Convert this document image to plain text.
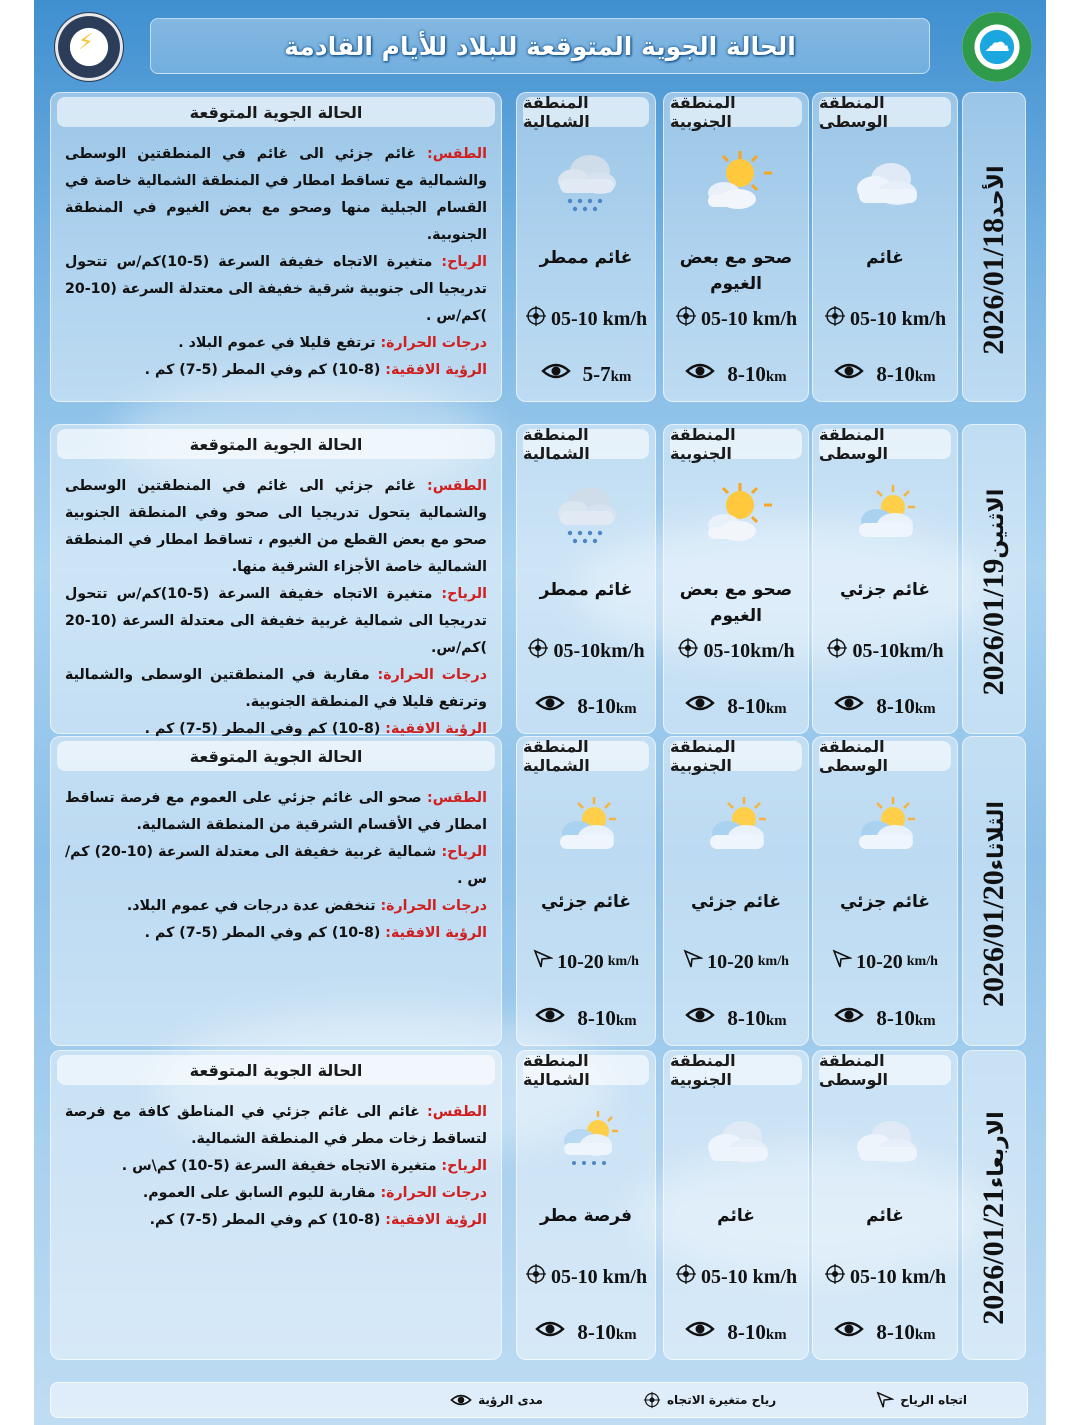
⚡
☁
الحالة الجوية المتوقعة للبلاد للأيام القادمة
الحالة الجوية المتوقعة

الطقس: غائم جزئي الى غائم في المنطقتين الوسطى والشمالية مع تساقط امطار في المنطقة الشمالية خاصة في القسام الجبلية منها وصحو مع بعض الغيوم في المنطقة الجنوبية.

الرياح: متغيرة الاتجاه خفيفة السرعة (5-10)كم/س تتحول تدريجيا الى جنوبية شرقية خفيفة الى معتدلة السرعة (10-20 )كم/س .

درجات الحرارة: ترتفع قليلا في عموم البلاد .

الرؤية الافقية: (8-10) كم وفي المطر (5-7) كم .

المنطقة الشمالية
غائم ممطر
05-10 km/h
5-7km
المنطقة الجنوبية
صحو مع بعض الغيوم
05-10 km/h
8-10km
المنطقة الوسطى
غائم
05-10 km/h
8-10km
2026/01/18الأحد
الحالة الجوية المتوقعة

الطقس: غائم جزئي الى غائم في المنطقتين الوسطى والشمالية يتحول تدريجيا الى صحو وفي المنطقة الجنوبية صحو مع بعض القطع من الغيوم ، تساقط امطار في المنطقة الشمالية خاصة الأجزاء الشرقية منها.

الرياح: متغيرة الاتجاه خفيفة السرعة (5-10)كم/س تتحول تدريجيا الى شمالية غربية خفيفة الى معتدلة السرعة (10-20 )كم/س.

درجات الحرارة: مقاربة في المنطقتين الوسطى والشمالية وترتفع قليلا في المنطقة الجنوبية.

الرؤية الافقية: (8-10) كم وفي المطر (5-7) كم .

المنطقة الشمالية
غائم ممطر
05-10km/h
8-10km
المنطقة الجنوبية
صحو مع بعض الغيوم
05-10km/h
8-10km
المنطقة الوسطى
غائم جزئي
05-10km/h
8-10km
2026/01/19الاثنين
الحالة الجوية المتوقعة

الطقس: صحو الى غائم جزئي على العموم مع فرصة تساقط امطار في الأقسام الشرقية من المنطقة الشمالية.

الرياح: شمالية غربية خفيفة الى معتدلة السرعة (10-20) كم/س .

درجات الحرارة: تنخفض عدة درجات في عموم البلاد.

الرؤية الافقية: (8-10) كم وفي المطر (5-7) كم .

المنطقة الشمالية
غائم جزئي
10-20 km/h
8-10km
المنطقة الجنوبية
غائم جزئي
10-20 km/h
8-10km
المنطقة الوسطى
غائم جزئي
10-20 km/h
8-10km
2026/01/20الثلاثاء
الحالة الجوية المتوقعة

الطقس: غائم الى غائم جزئي في المناطق كافة مع فرصة لتساقط زخات مطر في المنطقة الشمالية.

الرياح: متغيرة الاتجاه خفيفة السرعة (5-10) كم\س .

درجات الحرارة: مقاربة لليوم السابق على العموم.

الرؤية الافقية: (8-10) كم وفي المطر (5-7) كم.

المنطقة الشمالية
فرصة مطر
05-10 km/h
8-10km
المنطقة الجنوبية
غائم
05-10 km/h
8-10km
المنطقة الوسطى
غائم
05-10 km/h
8-10km
2026/01/21الاربعاء
اتجاه الرياح
رياح متغيرة الاتجاه
مدى الرؤية
